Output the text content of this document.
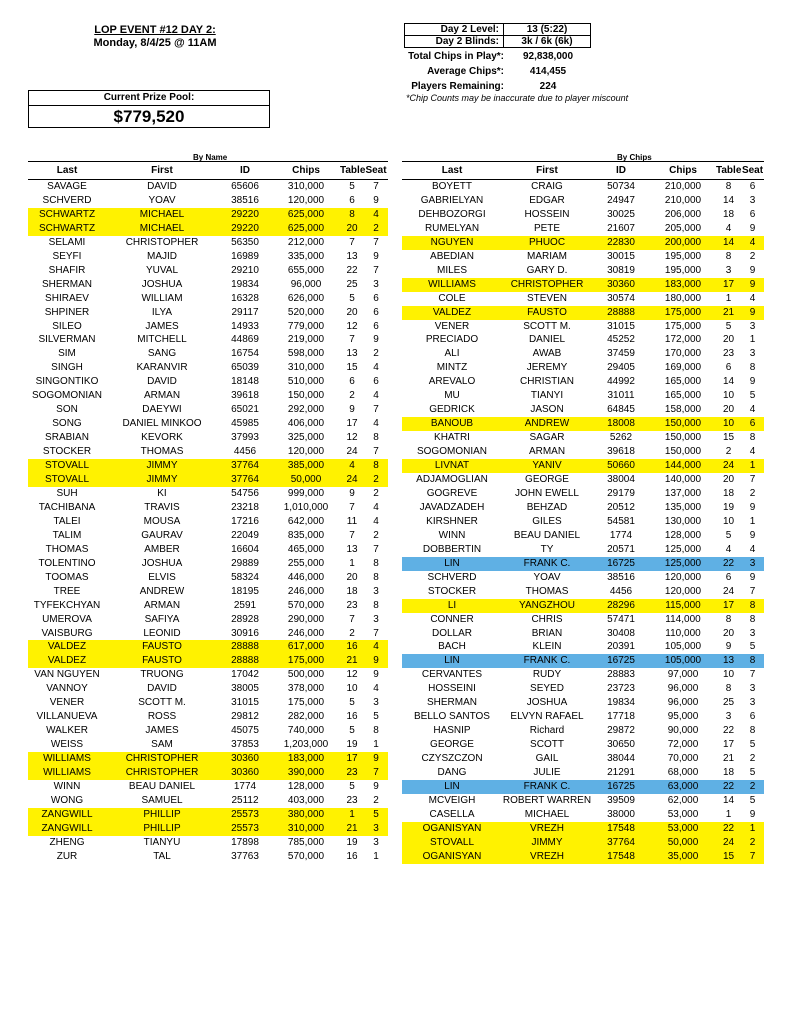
LOP EVENT #12 DAY 2:
Monday, 8/4/25 @ 11AM
Day 2 Level:	13 (5:22)
Day 2 Blinds:	3k / 6k (6k)
Total Chips in Play*:	92,838,000
Average Chips*:	414,455
Players Remaining:	224
*Chip Counts may be inaccurate due to player miscount
Current Prize Pool:
$779,520
By Name	By Chips
Last	First	ID	Chips	Table	Seat
SAVAGE	DAVID	65606	310,000	5	7
SCHVERD	YOAV	38516	120,000	6	9
SCHWARTZ	MICHAEL	29220	625,000	8	4
SCHWARTZ	MICHAEL	29220	625,000	20	2
SELAMI	CHRISTOPHER	56350	212,000	7	7
SEYFI	MAJID	16989	335,000	13	9
SHAFIR	YUVAL	29210	655,000	22	7
SHERMAN	JOSHUA	19834	96,000	25	3
SHIRAEV	WILLIAM	16328	626,000	5	6
SHPINER	ILYA	29117	520,000	20	6
SILEO	JAMES	14933	779,000	12	6
SILVERMAN	MITCHELL	44869	219,000	7	9
SIM	SANG	16754	598,000	13	2
SINGH	KARANVIR	65039	310,000	15	4
SINGONTIKO	DAVID	18148	510,000	6	6
SOGOMONIAN	ARMAN	39618	150,000	2	4
SON	DAEYWI	65021	292,000	9	7
SONG	DANIEL MINKOO	45985	406,000	17	4
SRABIAN	KEVORK	37993	325,000	12	8
STOCKER	THOMAS	4456	120,000	24	7
STOVALL	JIMMY	37764	385,000	4	8
STOVALL	JIMMY	37764	50,000	24	2
SUH	KI	54756	999,000	9	2
TACHIBANA	TRAVIS	23218	1,010,000	7	4
TALEI	MOUSA	17216	642,000	11	4
TALIM	GAURAV	22049	835,000	7	2
THOMAS	AMBER	16604	465,000	13	7
TOLENTINO	JOSHUA	29889	255,000	1	8
TOOMAS	ELVIS	58324	446,000	20	8
TREE	ANDREW	18195	246,000	18	3
TYFEKCHYAN	ARMAN	2591	570,000	23	8
UMEROVA	SAFIYA	28928	290,000	7	3
VAISBURG	LEONID	30916	246,000	2	7
VALDEZ	FAUSTO	28888	617,000	16	4
VALDEZ	FAUSTO	28888	175,000	21	9
VAN NGUYEN	TRUONG	17042	500,000	12	9
VANNOY	DAVID	38005	378,000	10	4
VENER	SCOTT M.	31015	175,000	5	3
VILLANUEVA	ROSS	29812	282,000	16	5
WALKER	JAMES	45075	740,000	5	8
WEISS	SAM	37853	1,203,000	19	1
WILLIAMS	CHRISTOPHER	30360	183,000	17	9
WILLIAMS	CHRISTOPHER	30360	390,000	23	7
WINN	BEAU DANIEL	1774	128,000	5	9
WONG	SAMUEL	25112	403,000	23	2
ZANGWILL	PHILLIP	25573	380,000	1	5
ZANGWILL	PHILLIP	25573	310,000	21	3
ZHENG	TIANYU	17898	785,000	19	3
ZUR	TAL	37763	570,000	16	1
Last	First	ID	Chips	Table	Seat
BOYETT	CRAIG	50734	210,000	8	6
GABRIELYAN	EDGAR	24947	210,000	14	3
DEHBOZORGI	HOSSEIN	30025	206,000	18	6
RUMELYAN	PETE	21607	205,000	4	9
NGUYEN	PHUOC	22830	200,000	14	4
ABEDIAN	MARIAM	30015	195,000	8	2
MILES	GARY D.	30819	195,000	3	9
WILLIAMS	CHRISTOPHER	30360	183,000	17	9
COLE	STEVEN	30574	180,000	1	4
VALDEZ	FAUSTO	28888	175,000	21	9
VENER	SCOTT M.	31015	175,000	5	3
PRECIADO	DANIEL	45252	172,000	20	1
ALI	AWAB	37459	170,000	23	3
MINTZ	JEREMY	29405	169,000	6	8
AREVALO	CHRISTIAN	44992	165,000	14	9
MU	TIANYI	31011	165,000	10	5
GEDRICK	JASON	64845	158,000	20	4
BANOUB	ANDREW	18008	150,000	10	6
KHATRI	SAGAR	5262	150,000	15	8
SOGOMONIAN	ARMAN	39618	150,000	2	4
LIVNAT	YANIV	50660	144,000	24	1
ADJAMOGLIAN	GEORGE	38004	140,000	20	7
GOGREVE	JOHN EWELL	29179	137,000	18	2
JAVADZADEH	BEHZAD	20512	135,000	19	9
KIRSHNER	GILES	54581	130,000	10	1
WINN	BEAU DANIEL	1774	128,000	5	9
DOBBERTIN	TY	20571	125,000	4	4
LIN	FRANK C.	16725	125,000	22	3
SCHVERD	YOAV	38516	120,000	6	9
STOCKER	THOMAS	4456	120,000	24	7
LI	YANGZHOU	28296	115,000	17	8
CONNER	CHRIS	57471	114,000	8	8
DOLLAR	BRIAN	30408	110,000	20	3
BACH	KLEIN	20391	105,000	9	5
LIN	FRANK C.	16725	105,000	13	8
CERVANTES	RUDY	28883	97,000	10	7
HOSSEINI	SEYED	23723	96,000	8	3
SHERMAN	JOSHUA	19834	96,000	25	3
BELLO SANTOS	ELVYN RAFAEL	17718	95,000	3	6
HASNIP	Richard	29872	90,000	22	8
GEORGE	SCOTT	30650	72,000	17	5
CZYSZCZON	GAIL	38044	70,000	21	2
DANG	JULIE	21291	68,000	18	5
LIN	FRANK C.	16725	63,000	22	2
MCVEIGH	ROBERT WARREN	39509	62,000	14	5
CASELLA	MICHAEL	38000	53,000	1	9
OGANISYAN	VREZH	17548	53,000	22	1
STOVALL	JIMMY	37764	50,000	24	2
OGANISYAN	VREZH	17548	35,000	15	7
